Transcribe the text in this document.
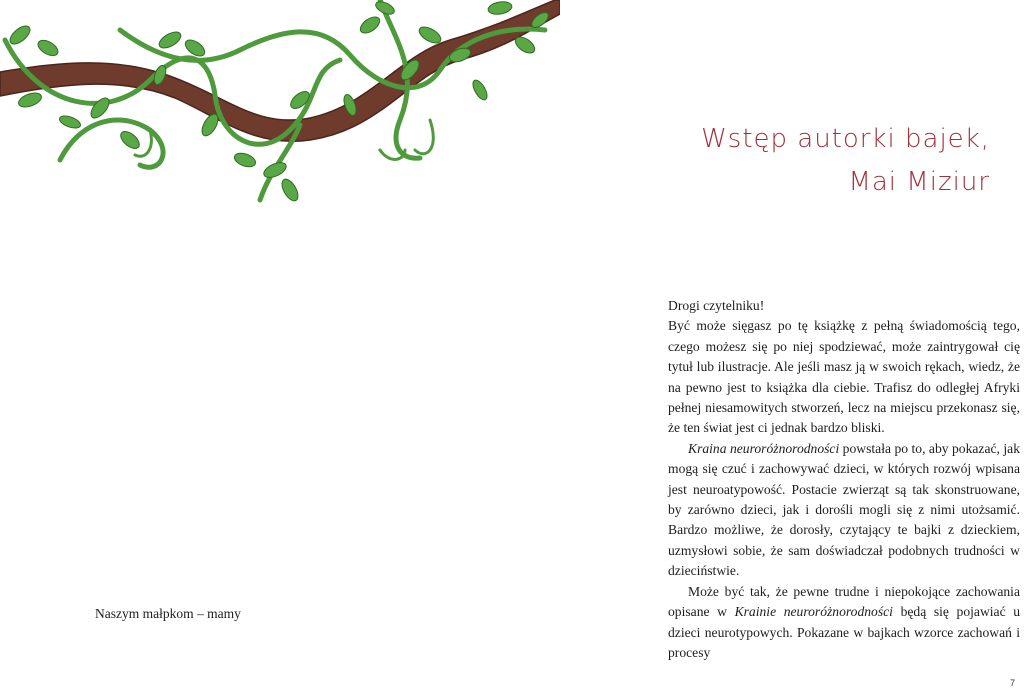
Naszym małpkom – mamy
Wstęp autorki bajek,
Mai Miziur

Drogi czytelniku!

Być może sięgasz po tę książkę z pełną świadomością tego, czego możesz się po niej spodziewać, może zaintrygował cię tytuł lub ilustracje. Ale jeśli masz ją w swoich rękach, wiedz, że na pewno jest to książka dla ciebie. Trafisz do odległej Afryki pełnej niesamowitych stworzeń, lecz na miejscu przekonasz się, że ten świat jest ci jednak bardzo bliski.

Kraina neuroróżnorodności powstała po to, aby pokazać, jak mogą się czuć i zachowywać dzieci, w których rozwój wpisana jest neuroatypowość. Postacie zwierząt są tak skonstruowane, by zarówno dzieci, jak i dorośli mogli się z nimi utożsamić. Bardzo możliwe, że dorosły, czytający te bajki z dzieckiem, uzmysłowi sobie, że sam doświadczał podobnych trudności w dzieciństwie.

Może być tak, że pewne trudne i niepokojące zachowania opisane w Krainie neuroróżnorodności będą się pojawiać u dzieci neurotypowych. Pokazane w bajkach wzorce zachowań i procesy

7
